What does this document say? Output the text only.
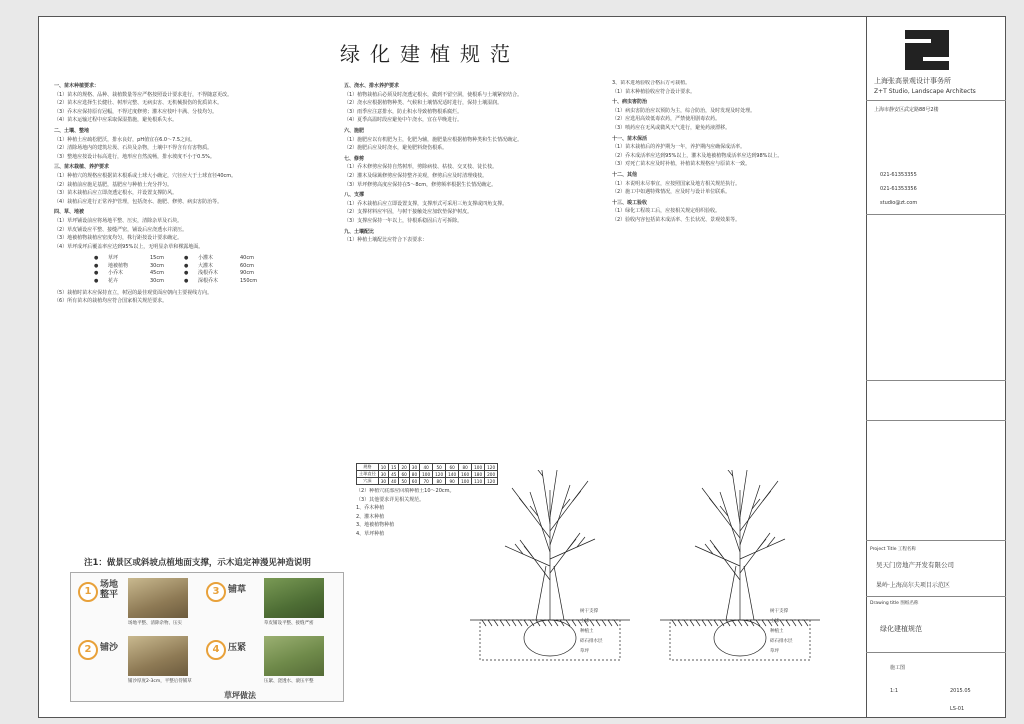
绿化建植规范

一、苗木种植要求：

（1）苗木的规格、品种、栽植数量等应严格按照设计要求进行，不得随意更改。

（2）苗木应选择生长健壮、树形完整、无病虫害、无机械损伤的优质苗木。

（3）乔木应保持原有冠幅，不得过度修剪；灌木应枝叶丰满、分枝均匀。

（4）苗木运输过程中应采取保湿措施，避免根系失水。

二、土壤、整地

（1）种植土应疏松肥沃，排水良好，pH值宜在6.0～7.5之间。

（2）清除场地内的建筑垃圾、石块及杂物，土壤中不得含有有害物质。

（3）整地应按设计标高进行，地形应自然流畅，排水坡度不小于0.5%。

三、苗木栽植、养护要求

（1）种植穴的规格应根据苗木根系或土球大小确定，穴径应大于土球直径40cm。

（2）栽植前应施足基肥，基肥应与种植土充分拌匀。

（3）苗木栽植后应立即浇透定根水，并设置支撑防风。

（4）栽植后应进行正常养护管理，包括浇水、施肥、修剪、病虫害防治等。

四、草、地被

（1）草坪铺设前应将场地平整、压实，清除杂草及石块。

（2）草皮铺设应平整、接缝严密，铺设后应浇透水并滚压。

（3）地被植物栽植应密度均匀，株行距按设计要求确定。

（4）草坪成坪后覆盖率应达到95%以上，无明显杂草和裸露地面。

●	草坪	15cm	●	小灌木	40cm
●	地被植物	30cm	●	大灌木	60cm
●	小乔木	45cm	●	浅根乔木	90cm
●	花卉	30cm	●	深根乔木	150cm

（5）栽植时苗木应保持直立，树冠的最佳观赏面应朝向主要视线方向。

（6）所有苗木的栽植均应符合国家相关规范要求。

注1：做景区或斜坡点植地面支撑，示木追定神漫见神造说明
1
场地 整平
场地平整、清除杂物、压实
2 铺沙
铺沙厚度2-3cm，平整后待铺草
3 铺草
草皮铺设平整、接缝严密
4 压紧
压紧、浇透水、滚压平整
草坪做法

五、浇水、排水养护要求

（1）植物栽植后必须及时浇透定根水，做到不留空洞，使根系与土壤紧密结合。

（2）浇水应根据植物种类、气候和土壤情况适时进行，保持土壤湿润。

（3）雨季应注意排水，防止积水导致植物根系腐烂。

（4）夏季高温时段应避免中午浇水，宜在早晚进行。

六、施肥

（1）施肥应以有机肥为主，化肥为辅，施肥量应根据植物种类和生长情况确定。

（2）施肥后应及时浇水，避免肥料烧伤根系。

七、修剪

（1）乔木修剪应保持自然树形，剪除病枝、枯枝、交叉枝、徒长枝。

（2）灌木及绿篱修剪应保持整齐美观，修剪后应及时清理残枝。

（3）草坪修剪高度应保持在5～8cm，修剪频率根据生长情况确定。

八、支撑

（1）乔木栽植后应立即设置支撑，支撑形式可采用三角支撑或四角支撑。

（2）支撑材料应牢固，与树干接触处应加软垫保护树皮。

（3）支撑应保持一年以上，待根系稳固后方可拆除。

九、土壤配比

（1）种植土壤配比应符合下表要求：

规格	10	15	20	30	40	50	60	80	100	120
土球直径	30	45	60	80	100	120	140	160	180	200
穴深	30	40	50	60	70	80	90	100	110	120

（2）种植穴底部应回填种植土10～20cm。

（3）其他要求详见相关规范。

1、乔木种植

2、灌木种植

3、地被植物种植

4、草坪种植

3、苗木进场验收合格后方可栽植。

（1）苗木种植验收应符合设计要求。

十、病虫害防治

（1）病虫害防治应以预防为主，综合防治，及时发现及时处理。

（2）应选用高效低毒农药，严禁使用剧毒农药。

（3）喷药应在无风或微风天气进行，避免药液漂移。

十一、苗木保活

（1）苗木栽植后的养护期为一年，养护期内应确保成活率。

（2）乔木成活率应达到95%以上，灌木及地被植物成活率应达到98%以上。

（3）对死亡苗木应及时补植，补植苗木规格应与原苗木一致。

十二、其他

（1）本说明未尽事宜，应按照国家及地方相关规范执行。

（2）施工中如遇特殊情况，应及时与设计单位联系。

十三、竣工验收

（1）绿化工程竣工后，应按相关规定组织验收。

（2）验收内容包括苗木成活率、生长状况、景观效果等。

树干支撑
土球
种植土
碎石排水层
草坪
树干支撑
土球
种植土
碎石排水层
草坪
上海张高景观设计事务所
Z+T Studio, Landscape Architects
上海市静安区武定路88号2楼
021-61353355
021-61353356
studio@zt.com
Project Title 工程名称
吴天门房地产开发有限公司
果岭·上海高尔夫项目示范区
Drawing title 图纸名称
绿化建植规范
施工图
1:1	2015.05
LS-01
